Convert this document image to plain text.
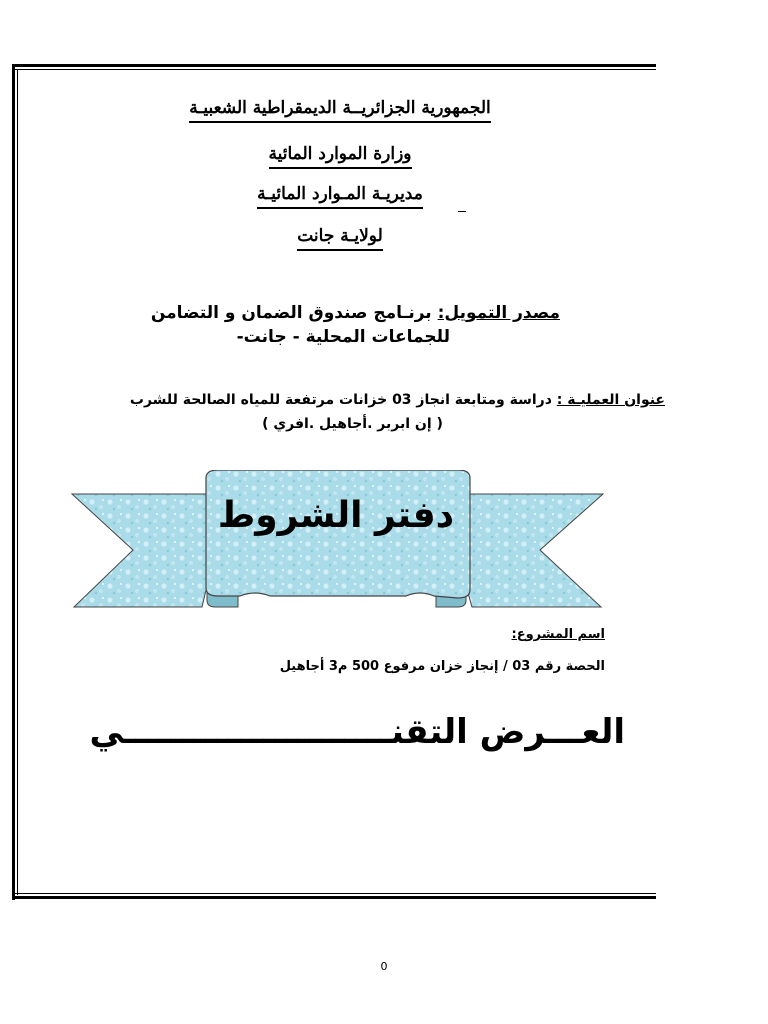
الجمهورية الجزائريــة الديمقراطية الشعبيـة
وزارة الموارد المائية
مديريـة المـوارد المائيـة
لولايـة جانت
مصدر التمويل: برنـامج صندوق الضمان و التضامن
للجماعات المحلية - جانت-
عنوان العمليـة : دراسة ومتابعة انجاز 03 خزانات مرتفعة للمياه الصالحة للشرب
( إن ابربر .أجاهيل .افري )
دفتر الشروط
اسم المشروع:
الحصة رقم 03 / إنجاز خزان مرفوع 500 م3 أجاهيل
العـــرض التقنـــــــــــــــــــــــي
0
